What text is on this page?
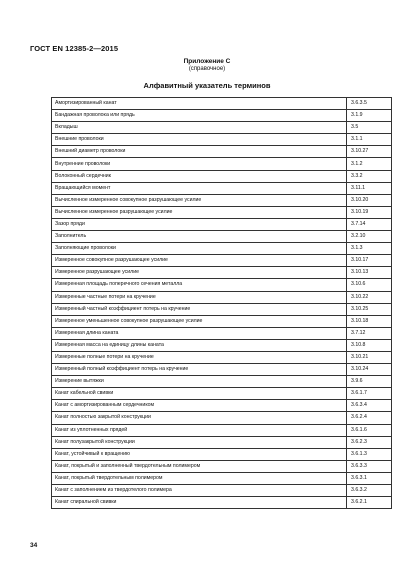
ГОСТ EN 12385-2—2015
Приложение С
(справочное)
Алфавитный указатель терминов
Амортизированный канат	3.6.3.5
Бандажная проволока или прядь	3.1.9
Вкладыш	3.5
Внешние проволоки	3.1.1
Внешний диаметр проволоки	3.10.27
Внутренние проволоки	3.1.2
Волоконный сердечник	3.3.2
Вращающийся момент	3.11.1
Вычисленное измеренное совокупное разрушающее усилие	3.10.20
Вычисленное измеренное разрушающее усилие	3.10.19
Зазор пряди	3.7.14
Заполнитель	3.2.10
Заполняющие проволоки	3.1.3
Измеренное совокупное разрушающее усилие	3.10.17
Измеренное разрушающее усилие	3.10.13
Измеренная площадь поперечного сечения металла	3.10.6
Измеренные частные потери на кручение	3.10.22
Измеренный частный коэффициент потерь на кручение	3.10.25
Измеренное уменьшенное совокупное разрушающее усилие	3.10.18
Измеренная длина каната	3.7.12
Измеренная масса на единицу длины каната	3.10.8
Измеренные полные потери на кручение	3.10.21
Измеренный полный коэффициент потерь на кручение	3.10.24
Измерение вытяжки	3.9.6
Канат кабельной свивки	3.6.1.7
Канат с амортизированным сердечником	3.6.3.4
Канат полностью закрытой конструкции	3.6.2.4
Канат из уплотненных прядей	3.6.1.6
Канат полузакрытой конструкции	3.6.2.3
Канат, устойчивый к вращению	3.6.1.3
Канат, покрытый и заполненный твердотельным полимером	3.6.3.3
Канат, покрытый твердотельным полимером	3.6.3.1
Канат с заполнением из твердотелого полимера	3.6.3.2
Канат спиральной свивки	3.6.2.1
34
